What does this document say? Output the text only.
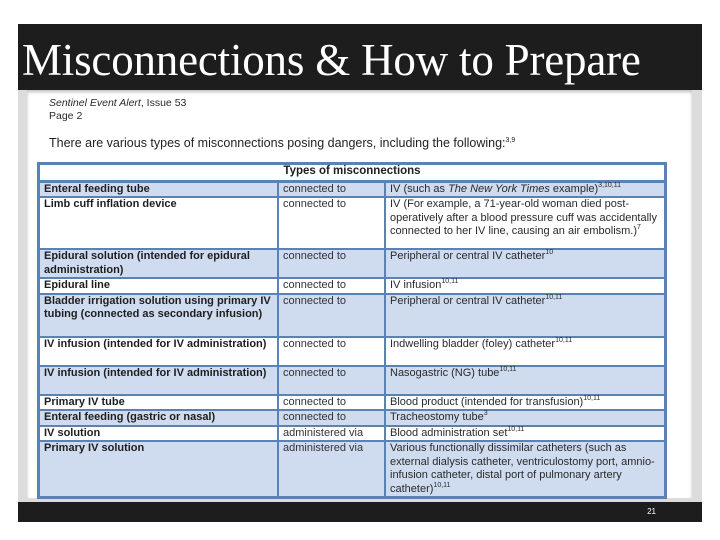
Misconnections & How to Prepare
Sentinel Event Alert, Issue 53
Page 2
There are various types of misconnections posing dangers, including the following:$^{3,9}$
Types of misconnections		
Enteral feeding tube	connected to	IV (such as The New York Times example)$^{3,10,11}$
Limb cuff inflation device	connected to	IV (For example, a 71-year-old woman died post-operatively after a blood pressure cuff was accidentally connected to her IV line, causing an air embolism.)$^7$
Epidural solution (intended for epidural administration)	connected to	Peripheral or central IV catheter$^{10}$
Epidural line	connected to	IV infusion$^{10,11}$
Bladder irrigation solution using primary IV tubing (connected as secondary infusion)	connected to	Peripheral or central IV catheter$^{10,11}$
IV infusion (intended for IV administration)	connected to	Indwelling bladder (foley) catheter$^{10,11}$
IV infusion (intended for IV administration)	connected to	Nasogastric (NG) tube$^{10,11}$
Primary IV tube	connected to	Blood product (intended for transfusion)$^{10,11}$
Enteral feeding (gastric or nasal)	connected to	Tracheostomy tube$^3$
IV solution	administered via	Blood administration set$^{10,11}$
Primary IV solution	administered via	Various functionally dissimilar catheters (such as external dialysis catheter, ventriculostomy port, amnio-infusion catheter, distal port of pulmonary artery catheter)$^{10,11}$
21
